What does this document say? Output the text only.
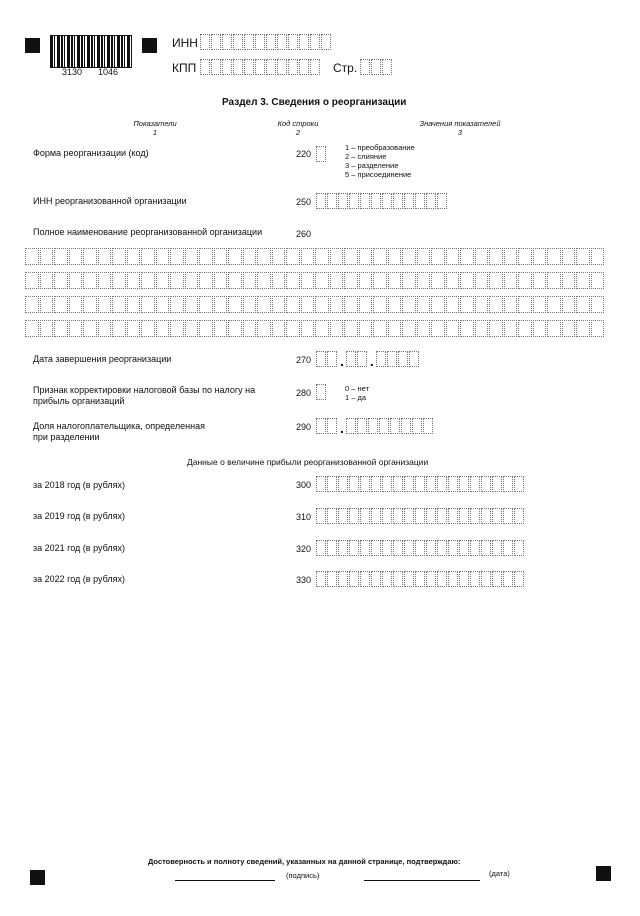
3130 1046
ИНН
КПП	Стр.
Раздел 3. Сведения о реорганизации
Показатели
1
Код строки
2
Значения показателей
3
Форма реорганизации (код)	220
1 – преобразование
2 – слияние
3 – разделение
5 – присоединение
ИНН реорганизованной организации	250
Полное наименование реорганизованной организации	260
Дата завершения реорганизации	270 . .
Признак корректировки налоговой базы по налогу на
прибыль организаций
280	0 – нет
1 – да
Доля налогоплательщика, определенная
при разделении
290 .
Данные о величине прибыли реорганизованной организации
за 2018 год (в рублях)	300
за 2019 год (в рублях)	310
за 2021 год (в рублях)	320
за 2022 год (в рублях)	330
Достоверность и полноту сведений, указанных на данной странице, подтверждаю:
(подпись)	(дата)
